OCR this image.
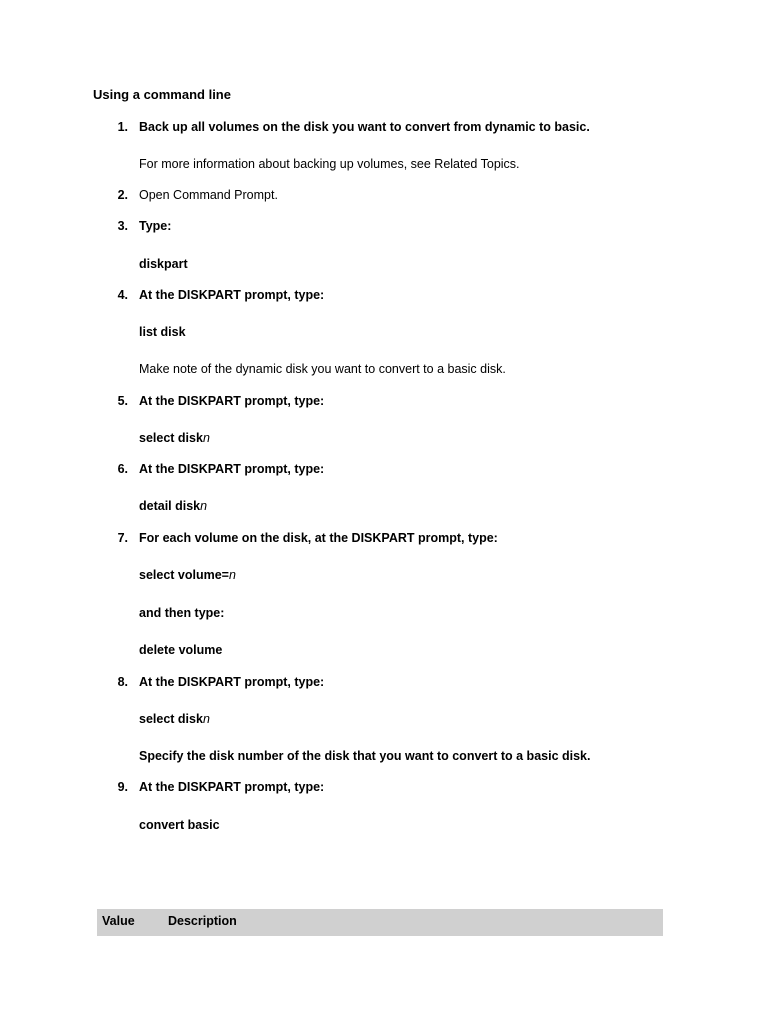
Using a command line
1. Back up all volumes on the disk you want to convert from dynamic to basic.
For more information about backing up volumes, see Related Topics.
2. Open Command Prompt.
3. Type:
diskpart
4. At the DISKPART prompt, type:
list disk
Make note of the dynamic disk you want to convert to a basic disk.
5. At the DISKPART prompt, type:
select diskn
6. At the DISKPART prompt, type:
detail diskn
7. For each volume on the disk, at the DISKPART prompt, type:
select volume=n
and then type:
delete volume
8. At the DISKPART prompt, type:
select diskn
Specify the disk number of the disk that you want to convert to a basic disk.
9. At the DISKPART prompt, type:
convert basic
Value	Description
